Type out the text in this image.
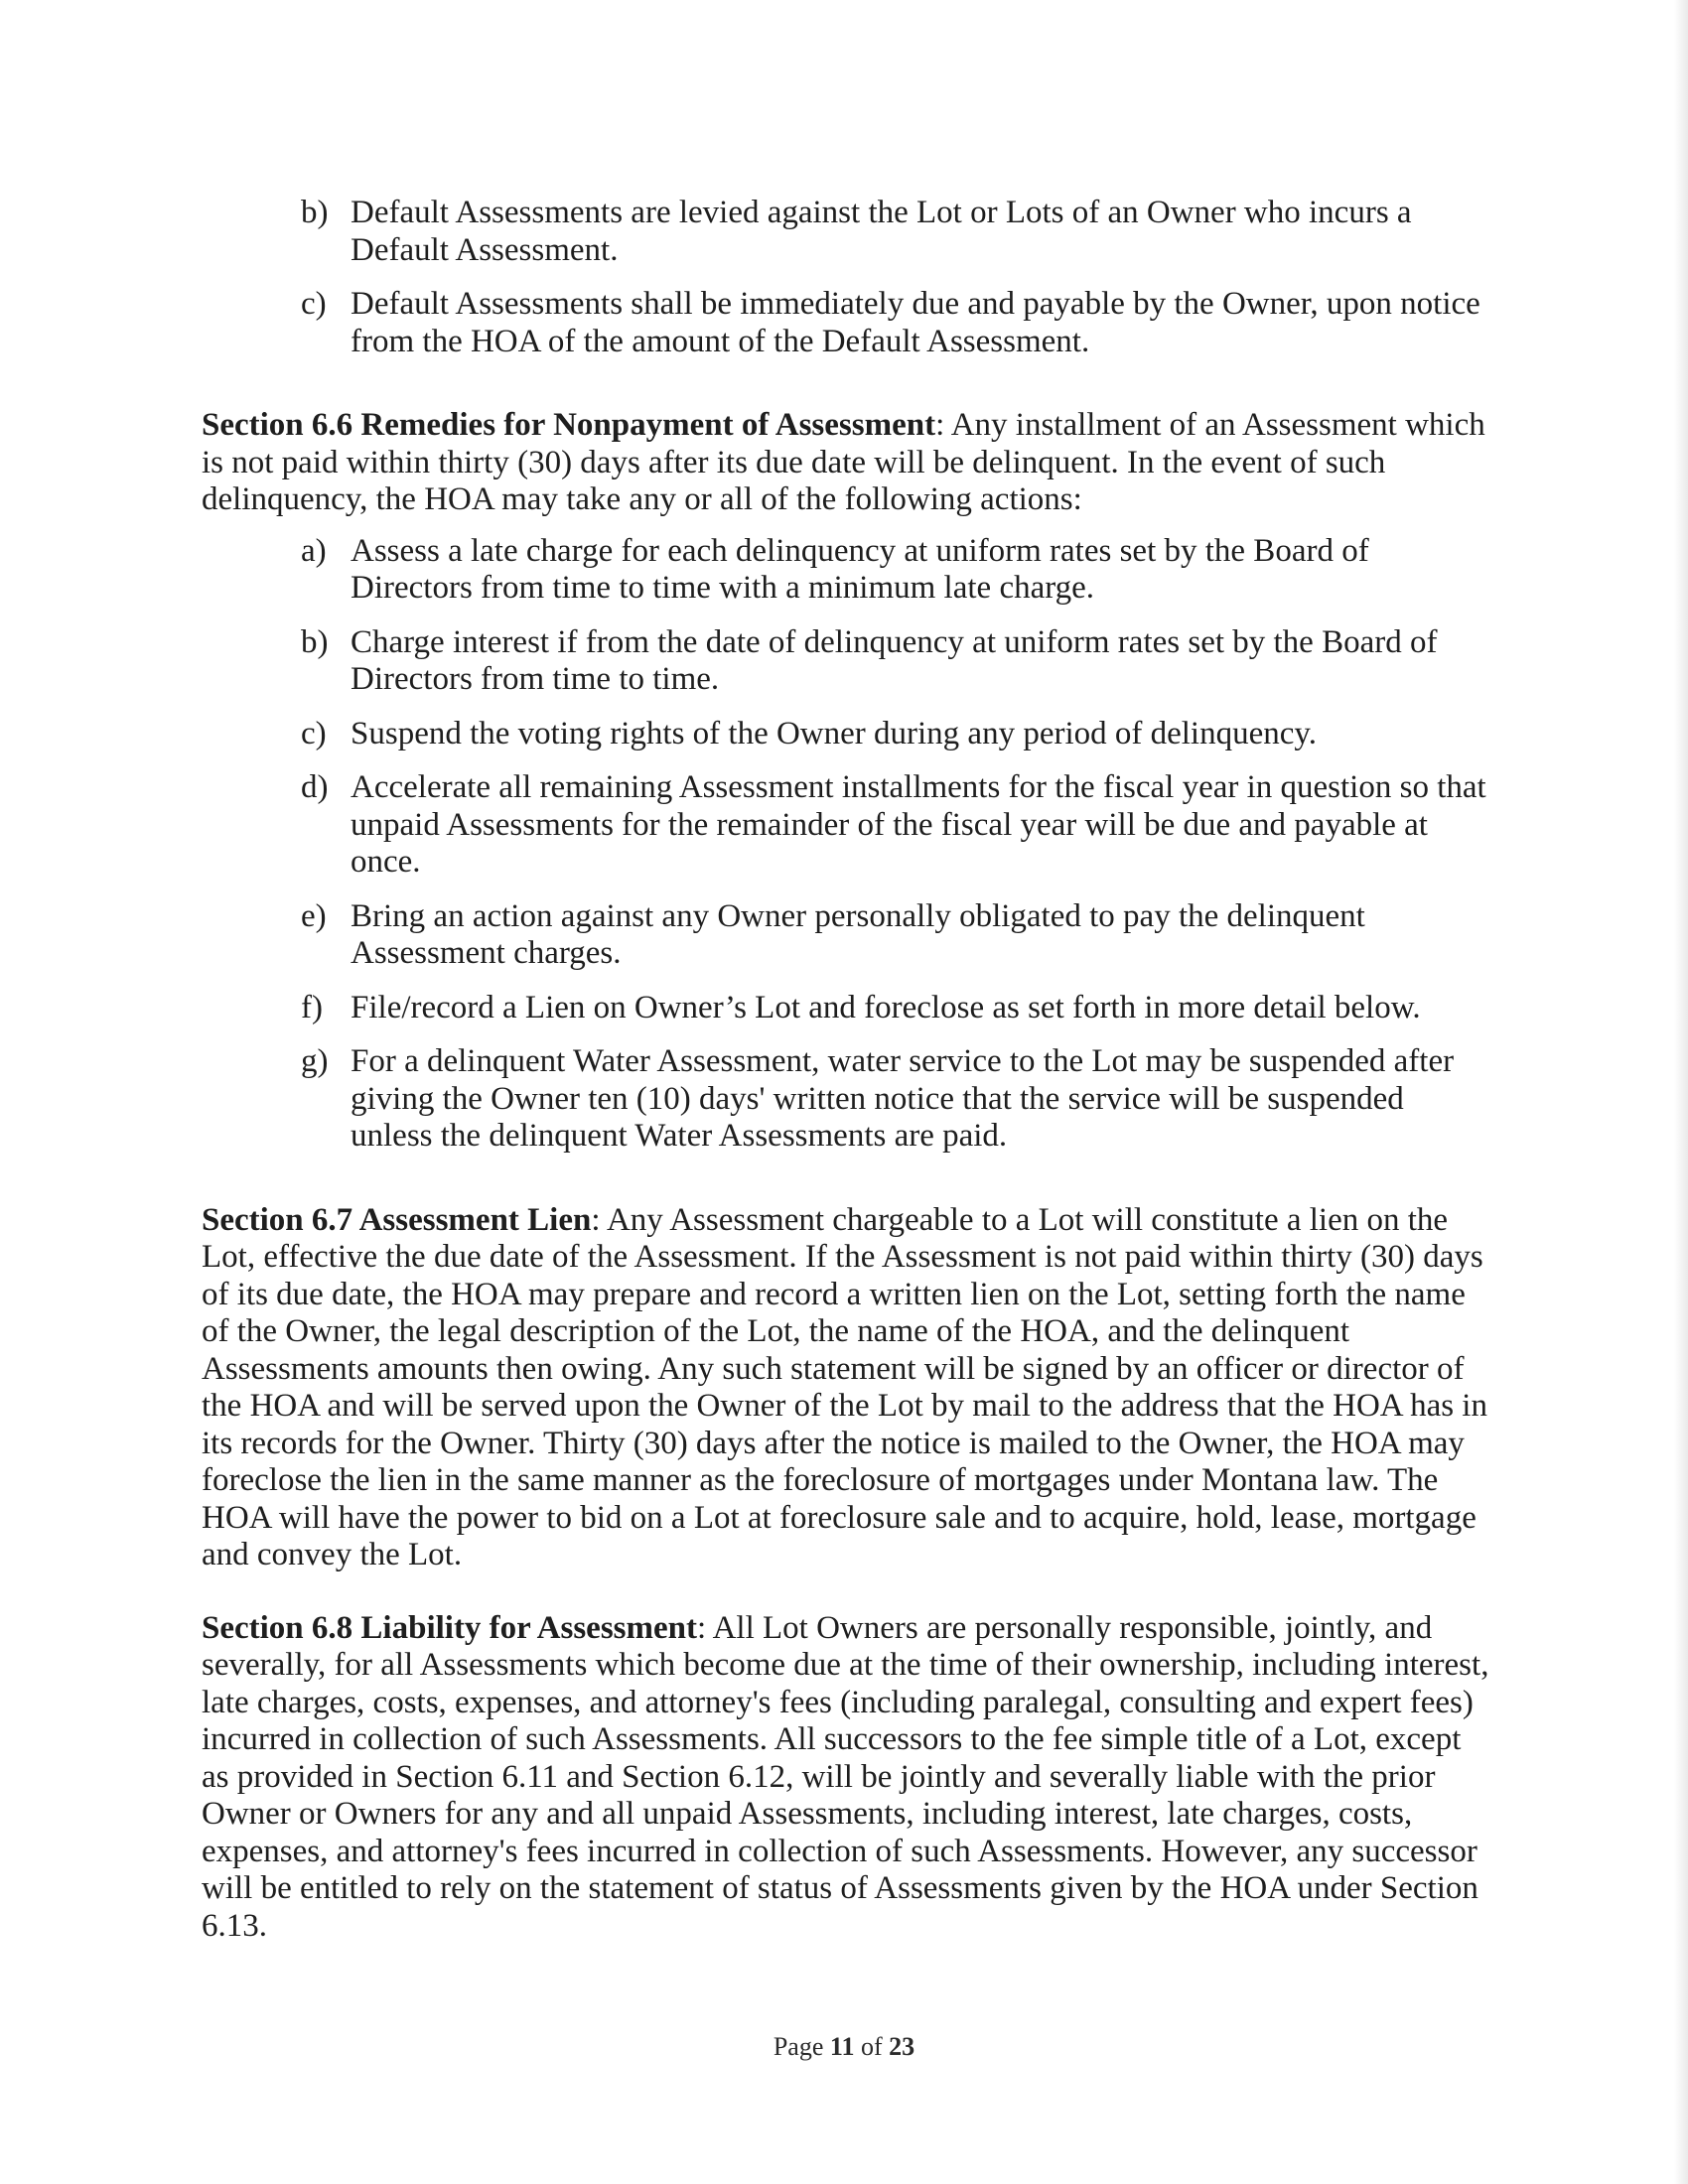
b) Default Assessments are levied against the Lot or Lots of an Owner who incurs a Default Assessment.
c) Default Assessments shall be immediately due and payable by the Owner, upon notice from the HOA of the amount of the Default Assessment.

Section 6.6 Remedies for Nonpayment of Assessment: Any installment of an Assessment which is not paid within thirty (30) days after its due date will be delinquent. In the event of such delinquency, the HOA may take any or all of the following actions:

a) Assess a late charge for each delinquency at uniform rates set by the Board of Directors from time to time with a minimum late charge.
b) Charge interest if from the date of delinquency at uniform rates set by the Board of Directors from time to time.
c) Suspend the voting rights of the Owner during any period of delinquency.
d) Accelerate all remaining Assessment installments for the fiscal year in question so that unpaid Assessments for the remainder of the fiscal year will be due and payable at once.
e) Bring an action against any Owner personally obligated to pay the delinquent Assessment charges.
f) File/record a Lien on Owner’s Lot and foreclose as set forth in more detail below.
g) For a delinquent Water Assessment, water service to the Lot may be suspended after giving the Owner ten (10) days' written notice that the service will be suspended unless the delinquent Water Assessments are paid.

Section 6.7 Assessment Lien: Any Assessment chargeable to a Lot will constitute a lien on the Lot, effective the due date of the Assessment. If the Assessment is not paid within thirty (30) days of its due date, the HOA may prepare and record a written lien on the Lot, setting forth the name of the Owner, the legal description of the Lot, the name of the HOA, and the delinquent Assessments amounts then owing. Any such statement will be signed by an officer or director of the HOA and will be served upon the Owner of the Lot by mail to the address that the HOA has in its records for the Owner. Thirty (30) days after the notice is mailed to the Owner, the HOA may foreclose the lien in the same manner as the foreclosure of mortgages under Montana law. The HOA will have the power to bid on a Lot at foreclosure sale and to acquire, hold, lease, mortgage and convey the Lot.

Section 6.8 Liability for Assessment: All Lot Owners are personally responsible, jointly, and severally, for all Assessments which become due at the time of their ownership, including interest, late charges, costs, expenses, and attorney's fees (including paralegal, consulting and expert fees) incurred in collection of such Assessments. All successors to the fee simple title of a Lot, except as provided in Section 6.11 and Section 6.12, will be jointly and severally liable with the prior Owner or Owners for any and all unpaid Assessments, including interest, late charges, costs, expenses, and attorney's fees incurred in collection of such Assessments. However, any successor will be entitled to rely on the statement of status of Assessments given by the HOA under Section 6.13.

Page 11 of 23
